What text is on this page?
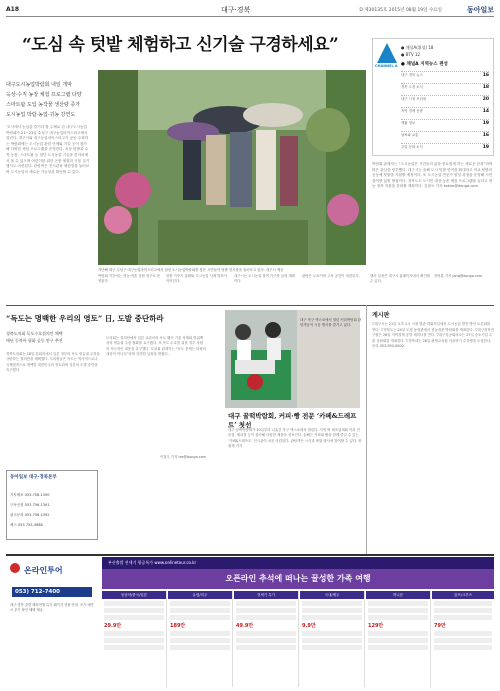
A18	대구·경북	D 제30135호 2015년 08월 19일 수요일	동아일보
“도심 속 텃밭 체험하고 신기술 구경하세요”
대구도시농업박람회 내일 개막
옥상·수직 농장 체험 프로그램 다양
스마트팜 도입 농작물 생산량 증가
도시농업 박람·농업·귀농 강연도
‘도시에서 농업을 즐기다’를 주제로 한 대구도시농업박람회가 21~23일 수성구 대구농업마이스터고에서 열린다. 대구시와 대구농업마이스터고가 공동 주최하는 박람회에는 도시농업 관련 단체와 기업 등이 참가해 다양한 체험 프로그램을 운영한다. 옥상 텃밭과 수직 농장, 스마트팜 등 첨단 도시농업 기술을 한자리에서 볼 수 있으며 어린이를 위한 곤충 체험과 식물 심기 행사도 마련된다. 관람객은 전시관과 체험장을 둘러보며 도시농업의 새로운 가능성을 확인할 수 있다.
지난해 대구 수성구 대구농업마이스터고에서 열린 도시농업박람회를 찾은 시민들이 텃밭 전시장을 둘러보고 있다. 대구시 제공
박람회 기간에는 귀농·귀촌 상담 창구도 운영된다.
텃밭 가꾸기 강좌와 도시농업 사례 발표가 이어진다.
대구시는 도시농업 참여 가구를 늘릴 계획이다.
관람은 무료이며 주차 공간이 마련된다.	행사 일정은 대구시 홈페이지에서 확인할 수 있다.
장영훈 기자 jang@donga.com
CHANNEL A
● 채널A(위성) 18
● BTV 12
● 채널A 지역뉴스 편성
대구 경북 뉴스	16
경북 도정 소식	18
대구 시정 브리핑	20
지역 경제 동향	14
생활 정보	19
날씨와 교통	16
주말 문화 소식	19
박람회 관계자는 “도시농업은 시민들의 삶을 풍요롭게 하는 새로운 문화”라며 많은 관심을 당부했다. 대구시는 올해 도시 텃밭 면적을 확대하고 학교 텃밭과 공동체 텃밭을 지원할 예정이다. 또 도시농업 전문가 양성 과정을 운영해 시민 참여를 넓힐 방침이다. 경북도도 도시민 대상 농촌 체험 프로그램을 늘리고 귀농 정착 지원을 강화할 계획이다. 김광오 기자 kokim@donga.com
“독도는 명백한 우리의 영토” 日, 도발 중단하라
경북도의회 독도수호결의안 채택
매년 동북아 평화 공동 연구 추진
경북도의회는 18일 본회의에서 일본 정부의 독도 영유권 주장을 규탄하는 결의안을 채택했다. 도의원들은 독도는 역사적으로나 국제법적으로 명백한 대한민국의 영토라며 일본의 도발 중단을 촉구했다.
도의회는 결의안에서 일본 교과서의 독도 왜곡 기술 삭제와 방위백서의 영유권 주장 철회를 요구했다. 또 독도 수호를 위한 정부 차원의 적극적인 대응을 촉구했다. 도의회 관계자는 “독도 문제는 타협의 대상이 아니다”라며 강경한 입장을 밝혔다.
이철우 기자 lee@donga.com
동아일보 대구·경북본부
기사제보 053-756-1390
구독신청 053-756-1391
광고문의 053-756-1392
팩스 053-753-4988
대구 북구 엑스코에서 열린 커피박람회 관람객들이 시음 행사를 즐기고 있다.
대구 꿀떡박람회, 커피·빵 전문 ‘카페&드레프트’ 첫선
대구 꿀떡박람회가 20일부터 나흘간 북구 엑스코에서 열린다. 지역 떡 제조업체와 커피 전문점, 제과점 등이 참가해 다양한 제품을 선보인다. 올해는 커피와 빵을 함께 즐길 수 있는 ‘카페&드레프트’ 전시관이 처음 마련된다. 관람객은 시식과 체험 행사에 참여할 수 있다. 장원재 기자
게시판
▽대구시는 21일 오후 2시 시청 별관 대회의실에서 도시농업 발전 방안 토론회를 연다. ▽경북도는 24일 도청 동락관에서 귀농귀촌 박람회를 개최한다. ▽대구경북연구원은 26일 지역경제 동향 세미나를 연다. ▽대구상공회의소는 27일 중소기업 수출 상담회를 개최한다. ▽경북대는 28일 평생교육원 가을학기 수강생을 모집한다. 문의 053-950-0000
온라인투어
053) 712-7400
대구·경북 출발 해외여행 특가 패키지 상품 안내. 조기 예약 시 추가 할인 혜택 제공.
부산출발 전세기 항공특가 www.onlinetour.co.kr
오픈라인 추석에 떠나는 꿀성한 가족 여행
동남아/중국/일본
29.9만
유럽/미주
189만
전세기 특가
49.9만
국내/제주
9.9만
허니문
129만
골프/크루즈
79만
